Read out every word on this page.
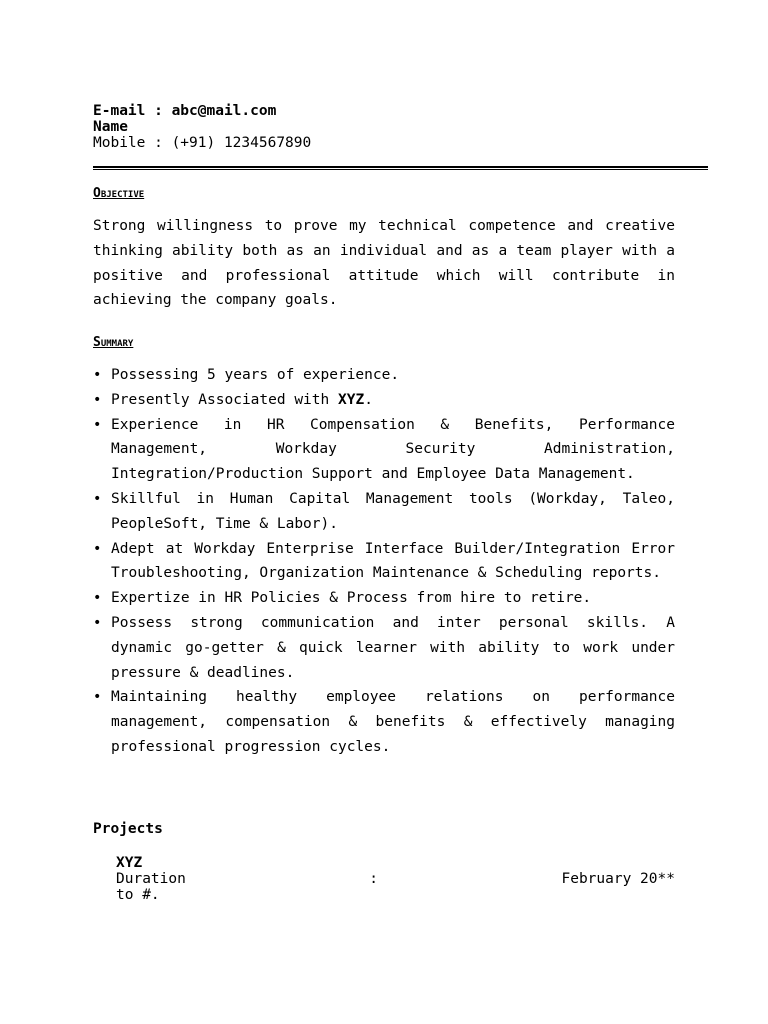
E-mail : abc@mail.com
Name
Mobile : (+91) 1234567890
Objective

Strong willingness to prove my technical competence and creative thinking ability both as an individual and as a team player with a positive and professional attitude which will contribute in achieving the company goals.

Summary
• Possessing 5 years of experience.
• Presently Associated with XYZ.
• Experience in HR Compensation & Benefits, Performance Management, Workday Security Administration, Integration/Production Support and Employee Data Management.
• Skillful in Human Capital Management tools (Workday, Taleo, PeopleSoft, Time & Labor).
• Adept at Workday Enterprise Interface Builder/Integration Error Troubleshooting, Organization Maintenance & Scheduling reports.
• Expertize in HR Policies & Process from hire to retire.
• Possess strong communication and inter personal skills. A dynamic go-getter & quick learner with ability to work under pressure & deadlines.
• Maintaining healthy employee relations on performance management, compensation & benefits & effectively managing professional progression cycles.
Projects
XYZ
Duration	:	February 20**
to #.
